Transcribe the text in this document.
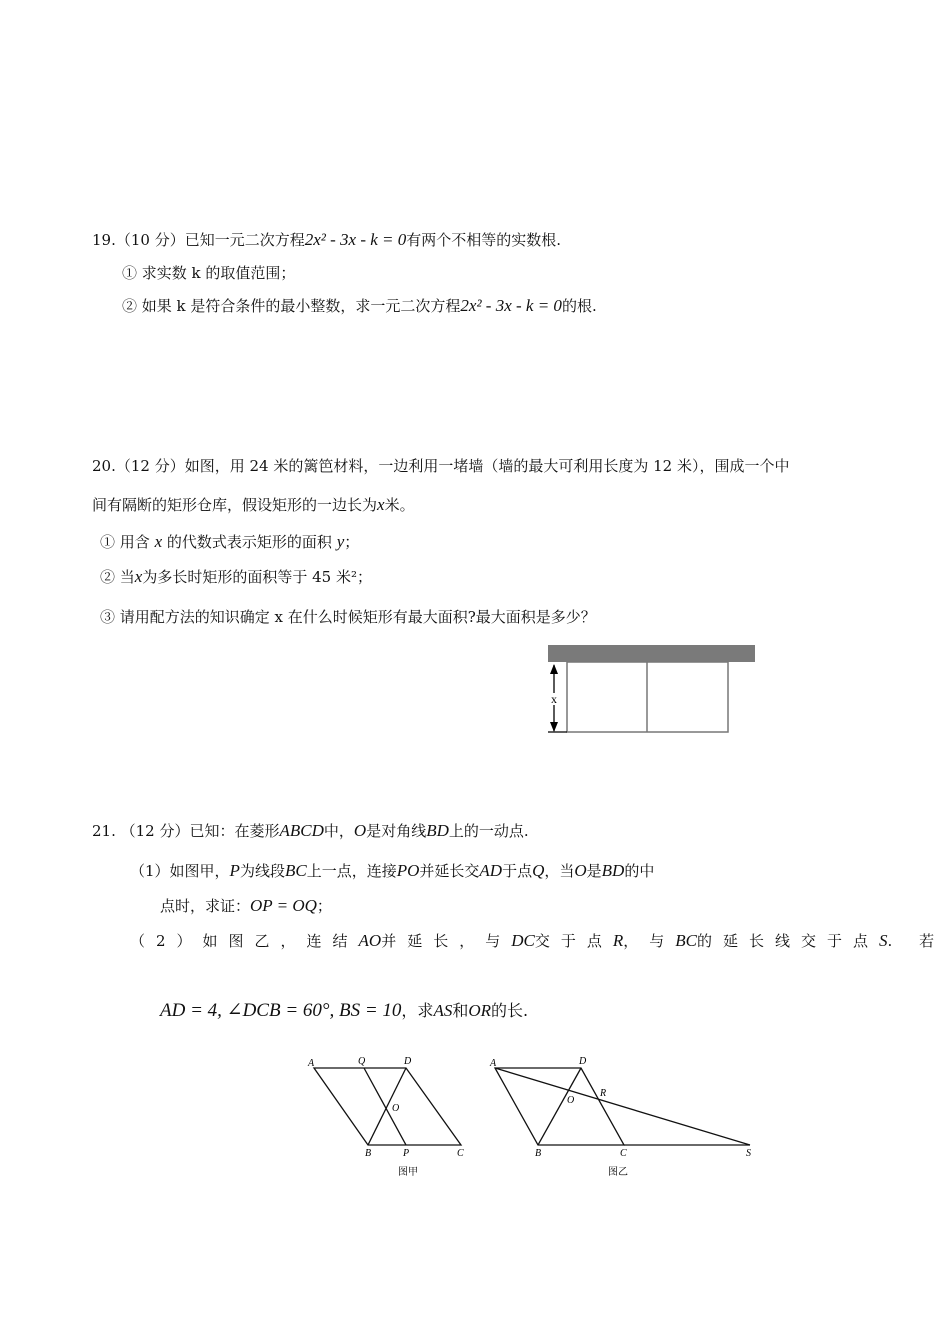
19.（10 分）已知一元二次方程2x² - 3x - k = 0有两个不相等的实数根.
① 求实数 k 的取值范围；
② 如果 k 是符合条件的最小整数，求一元二次方程2x² - 3x - k = 0的根.
20.（12 分）如图，用 24 米的篱笆材料，一边利用一堵墙（墙的最大可利用长度为 12 米），围成一个中
间有隔断的矩形仓库，假设矩形的一边长为x米。
① 用含 x 的代数式表示矩形的面积 y；
② 当x为多长时矩形的面积等于 45 米²；
③ 请用配方法的知识确定 x 在什么时候矩形有最大面积?最大面积是多少？
x
21. （12 分）已知：在菱形ABCD中，O是对角线BD上的一动点.
（1）如图甲，P为线段BC上一点，连接PO并延长交AD于点Q，当O是BD的中
点时，求证：OP = OQ；
（2）如图乙，连结AO并延长，与DC交于点R，与BC的延长线交于点S. 若
AD = 4, ∠DCB = 60°, BS = 10，求AS和OR的长.
A	Q	D
O
B	P	C
图甲
A	D
R
O
B	C	S
图乙
